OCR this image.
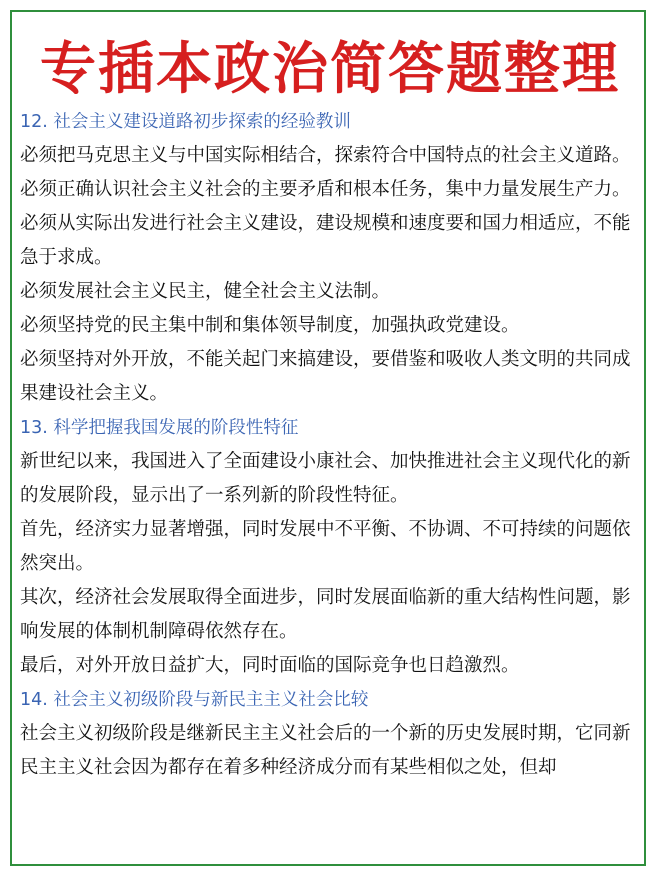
专插本政治简答题整理
12. 社会主义建设道路初步探索的经验教训
必须把马克思主义与中国实际相结合，探索符合中国特点的社会主义道路。
必须正确认识社会主义社会的主要矛盾和根本任务，集中力量发展生产力。
必须从实际出发进行社会主义建设，建设规模和速度要和国力相适应，不能急于求成。
必须发展社会主义民主，健全社会主义法制。
必须坚持党的民主集中制和集体领导制度，加强执政党建设。
必须坚持对外开放，不能关起门来搞建设，要借鉴和吸收人类文明的共同成果建设社会主义。
13. 科学把握我国发展的阶段性特征
新世纪以来，我国进入了全面建设小康社会、加快推进社会主义现代化的新的发展阶段，显示出了一系列新的阶段性特征。
首先，经济实力显著增强，同时发展中不平衡、不协调、不可持续的问题依然突出。
其次，经济社会发展取得全面进步，同时发展面临新的重大结构性问题，影响发展的体制机制障碍依然存在。
最后，对外开放日益扩大，同时面临的国际竞争也日趋激烈。
14. 社会主义初级阶段与新民主主义社会比较
社会主义初级阶段是继新民主主义社会后的一个新的历史发展时期，它同新民主主义社会因为都存在着多种经济成分而有某些相似之处，但却
